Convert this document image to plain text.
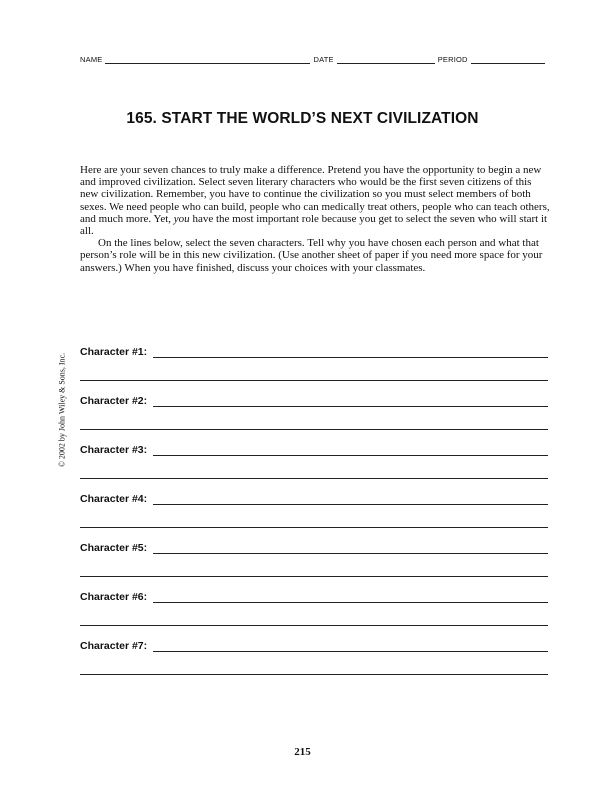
NAME	DATE	PERIOD
165. START THE WORLD’S NEXT CIVILIZATION

Here are your seven chances to truly make a difference. Pretend you have the opportunity to begin a new and improved civilization. Select seven literary characters who would be the first seven citizens of this new civilization. Remember, you have to continue the civilization so you must select members of both sexes. We need people who can build, people who can medically treat others, people who can teach others, and much more. Yet, you have the most important role because you get to select the seven who will start it all.

On the lines below, select the seven characters. Tell why you have chosen each person and what that person’s role will be in this new civilization. (Use another sheet of paper if you need more space for your answers.) When you have finished, discuss your choices with your classmates.

© 2002 by John Wiley & Sons, Inc.
Character #1:
Character #2:
Character #3:
Character #4:
Character #5:
Character #6:
Character #7:
215
